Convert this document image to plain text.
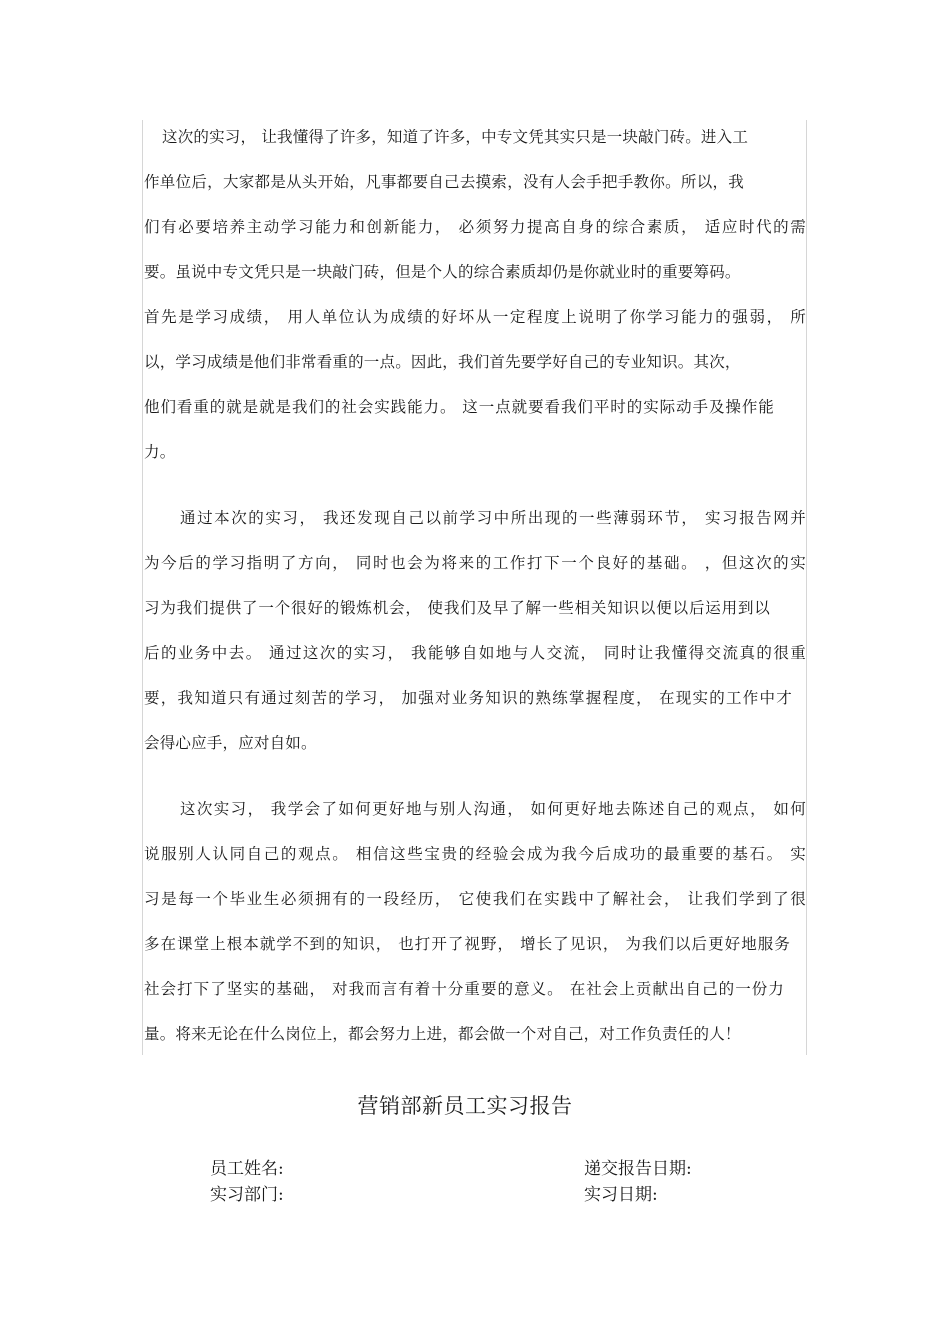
这次的实习， 让我懂得了许多，知道了许多，中专文凭其实只是一块敲门砖。进入工
作单位后，大家都是从头开始，凡事都要自己去摸索，没有人会手把手教你。所以，我
们有必要培养主动学习能力和创新能力， 必须努力提高自身的综合素质， 适应时代的需
要。虽说中专文凭只是一块敲门砖，但是个人的综合素质却仍是你就业时的重要筹码。
首先是学习成绩， 用人单位认为成绩的好坏从一定程度上说明了你学习能力的强弱， 所
以，学习成绩是他们非常看重的一点。因此，我们首先要学好自己的专业知识。其次，
他们看重的就是就是我们的社会实践能力。 这一点就要看我们平时的实际动手及操作能
力。
通过本次的实习， 我还发现自己以前学习中所出现的一些薄弱环节， 实习报告网并
为今后的学习指明了方向， 同时也会为将来的工作打下一个良好的基础。 ，但这次的实
习为我们提供了一个很好的锻炼机会， 使我们及早了解一些相关知识以便以后运用到以
后的业务中去。 通过这次的实习， 我能够自如地与人交流， 同时让我懂得交流真的很重
要，我知道只有通过刻苦的学习， 加强对业务知识的熟练掌握程度， 在现实的工作中才
会得心应手，应对自如。
这次实习， 我学会了如何更好地与别人沟通， 如何更好地去陈述自己的观点， 如何
说服别人认同自己的观点。 相信这些宝贵的经验会成为我今后成功的最重要的基石。 实
习是每一个毕业生必须拥有的一段经历， 它使我们在实践中了解社会， 让我们学到了很
多在课堂上根本就学不到的知识， 也打开了视野， 增长了见识， 为我们以后更好地服务
社会打下了坚实的基础， 对我而言有着十分重要的意义。 在社会上贡献出自己的一份力
量。将来无论在什么岗位上，都会努力上进，都会做一个对自己，对工作负责任的人！
营销部新员工实习报告
员工姓名:	递交报告日期:
实习部门:	实习日期:
